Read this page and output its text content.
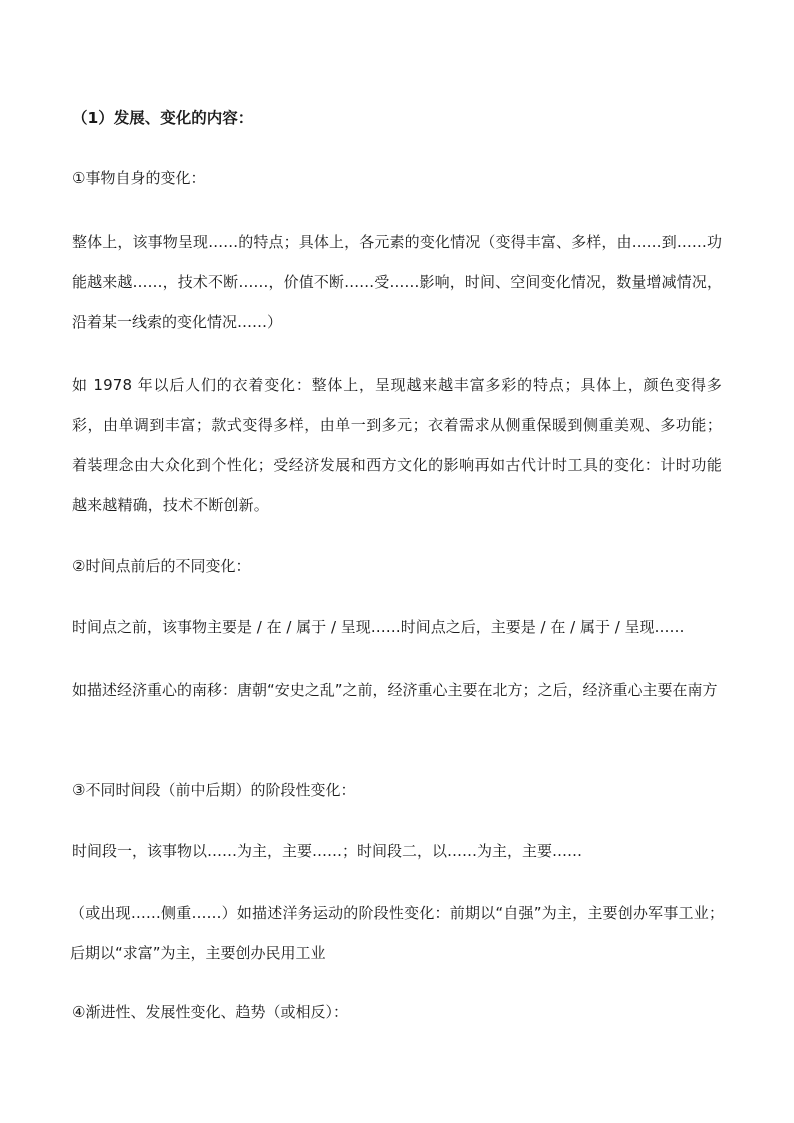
（1）发展、变化的内容：

①事物自身的变化：

整体上，该事物呈现……的特点；具体上，各元素的变化情况（变得丰富、多样，由……到……功能越来越……，技术不断……，价值不断……受……影响，时间、空间变化情况，数量增减情况，沿着某一线索的变化情况……）

如 1978 年以后人们的衣着变化：整体上，呈现越来越丰富多彩的特点；具体上，颜色变得多彩，由单调到丰富；款式变得多样，由单一到多元；衣着需求从侧重保暖到侧重美观、多功能；着装理念由大众化到个性化；受经济发展和西方文化的影响再如古代计时工具的变化：计时功能越来越精确，技术不断创新。

②时间点前后的不同变化：

时间点之前，该事物主要是 / 在 / 属于 / 呈现……时间点之后，主要是 / 在 / 属于 / 呈现……

如描述经济重心的南移：唐朝“安史之乱”之前，经济重心主要在北方；之后，经济重心主要在南方

③不同时间段（前中后期）的阶段性变化：

时间段一，该事物以……为主，主要……；时间段二，以……为主，主要……

（或出现……侧重……）如描述洋务运动的阶段性变化：前期以“自强”为主，主要创办军事工业；后期以“求富”为主，主要创办民用工业

④渐进性、发展性变化、趋势（或相反）：
